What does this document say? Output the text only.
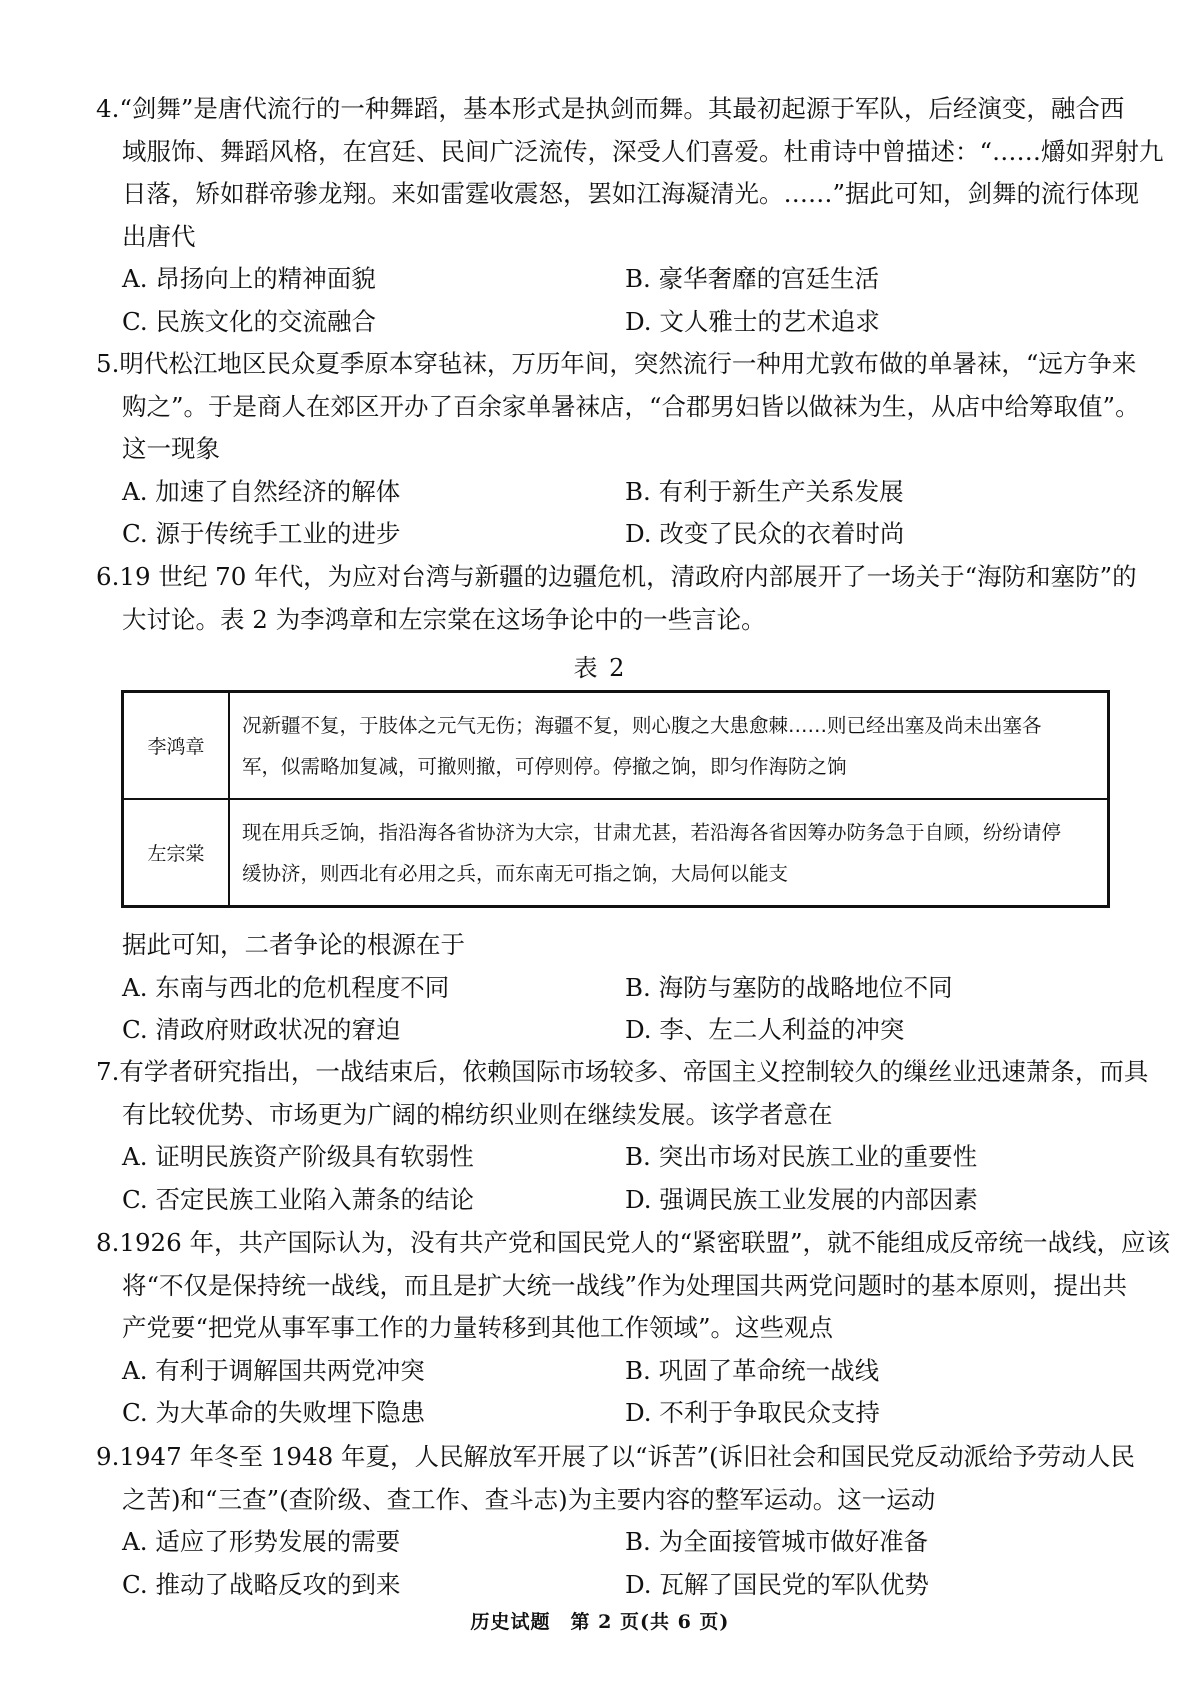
4.“剑舞”是唐代流行的一种舞蹈，基本形式是执剑而舞。其最初起源于军队，后经演变，融合西
域服饰、舞蹈风格，在宫廷、民间广泛流传，深受人们喜爱。杜甫诗中曾描述：“……爝如羿射九
日落，矫如群帝骖龙翔。来如雷霆收震怒，罢如江海凝清光。……”据此可知，剑舞的流行体现
出唐代
A. 昂扬向上的精神面貌	B. 豪华奢靡的宫廷生活
C. 民族文化的交流融合	D. 文人雅士的艺术追求
5.明代松江地区民众夏季原本穿毡袜，万历年间，突然流行一种用尤敦布做的单暑袜，“远方争来
购之”。于是商人在郊区开办了百余家单暑袜店，“合郡男妇皆以做袜为生，从店中给筹取值”。
这一现象
A. 加速了自然经济的解体	B. 有利于新生产关系发展
C. 源于传统手工业的进步	D. 改变了民众的衣着时尚
6.19 世纪 70 年代，为应对台湾与新疆的边疆危机，清政府内部展开了一场关于“海防和塞防”的
大讨论。表 2 为李鸿章和左宗棠在这场争论中的一些言论。
表 2
李鸿章	况新疆不复，于肢体之元气无伤；海疆不复，则心腹之大患愈棘……则已经出塞及尚未出塞各
军，似需略加复减，可撤则撤，可停则停。停撤之饷，即匀作海防之饷

左宗棠	现在用兵乏饷，指沿海各省协济为大宗，甘肃尤甚，若沿海各省因筹办防务急于自顾，纷纷请停
缓协济，则西北有必用之兵，而东南无可指之饷，大局何以能支
据此可知，二者争论的根源在于
A. 东南与西北的危机程度不同	B. 海防与塞防的战略地位不同
C. 清政府财政状况的窘迫	D. 李、左二人利益的冲突
7.有学者研究指出，一战结束后，依赖国际市场较多、帝国主义控制较久的缫丝业迅速萧条，而具
有比较优势、市场更为广阔的棉纺织业则在继续发展。该学者意在
A. 证明民族资产阶级具有软弱性	B. 突出市场对民族工业的重要性
C. 否定民族工业陷入萧条的结论	D. 强调民族工业发展的内部因素
8.1926 年，共产国际认为，没有共产党和国民党人的“紧密联盟”，就不能组成反帝统一战线，应该
将“不仅是保持统一战线，而且是扩大统一战线”作为处理国共两党问题时的基本原则，提出共
产党要“把党从事军事工作的力量转移到其他工作领域”。这些观点
A. 有利于调解国共两党冲突	B. 巩固了革命统一战线
C. 为大革命的失败埋下隐患	D. 不利于争取民众支持
9.1947 年冬至 1948 年夏，人民解放军开展了以“诉苦”(诉旧社会和国民党反动派给予劳动人民
之苦)和“三查”(查阶级、查工作、查斗志)为主要内容的整军运动。这一运动
A. 适应了形势发展的需要	B. 为全面接管城市做好准备
C. 推动了战略反攻的到来	D. 瓦解了国民党的军队优势
历史试题　第 2 页(共 6 页)
